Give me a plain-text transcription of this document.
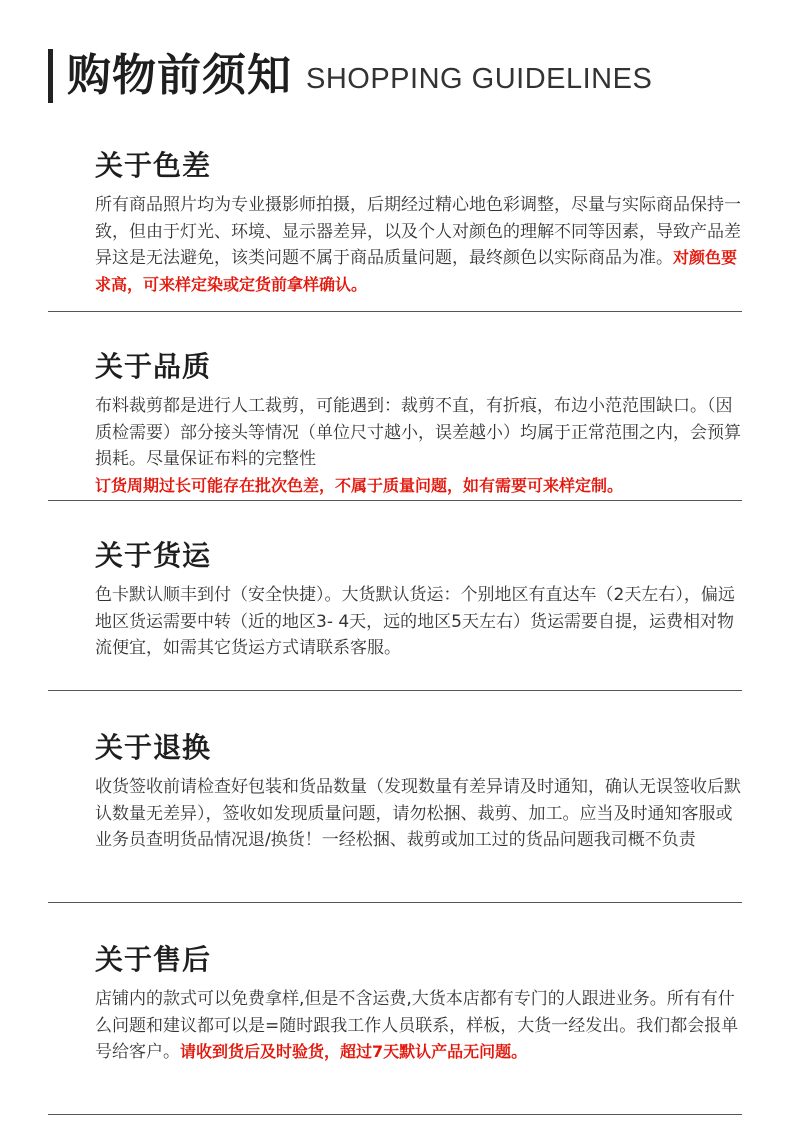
购物前须知 SHOPPING GUIDELINES
关于色差

所有商品照片均为专业摄影师拍摄，后期经过精心地色彩调整，尽量与实际商品保持一致，但由于灯光、环境、显示器差异，以及个人对颜色的理解不同等因素，导致产品差异这是无法避免，该类问题不属于商品质量问题，最终颜色以实际商品为准。对颜色要求高，可来样定染或定货前拿样确认。

关于品质

布料裁剪都是进行人工裁剪，可能遇到：裁剪不直，有折痕，布边小范范围缺口。（因质检需要）部分接头等情况（单位尺寸越小，误差越小）均属于正常范围之内，会预算损耗。尽量保证布料的完整性
订货周期过长可能存在批次色差，不属于质量问题，如有需要可来样定制。

关于货运

色卡默认顺丰到付（安全快捷）。大货默认货运：个别地区有直达车（2天左右），偏远地区货运需要中转（近的地区3- 4天，远的地区5天左右）货运需要自提，运费相对物流便宜，如需其它货运方式请联系客服。

关于退换

收货签收前请检查好包装和货品数量（发现数量有差异请及时通知，确认无误签收后默认数量无差异），签收如发现质量问题，请勿松捆、裁剪、加工。应当及时通知客服或业务员查明货品情况退/换货！一经松捆、裁剪或加工过的货品问题我司概不负责

关于售后

店铺内的款式可以免费拿样,但是不含运费,大货本店都有专门的人跟进业务。所有有什么问题和建议都可以是=随时跟我工作人员联系，样板，大货一经发出。我们都会报单号给客户。请收到货后及时验货，超过7天默认产品无问题。
